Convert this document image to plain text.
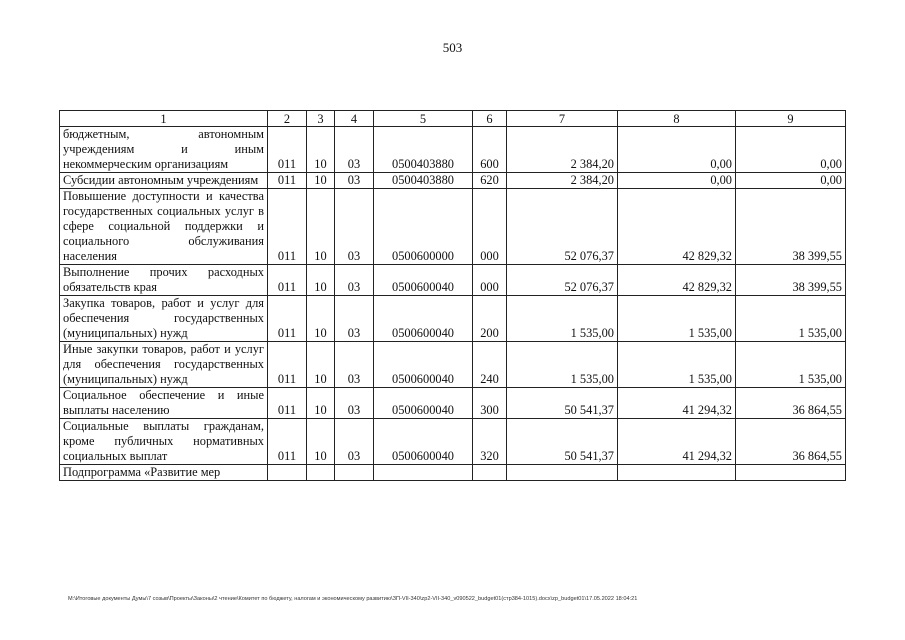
503
1	2	3	4	5	6	7	8	9
бюджетным, автономным учреждениям и иным некоммерческим организациям	011	10	03	0500403880	600	2 384,20	0,00	0,00
Субсидии автономным учреждениям	011	10	03	0500403880	620	2 384,20	0,00	0,00
Повышение доступности и качества государственных социальных услуг в сфере социальной поддержки и социального обслуживания населения	011	10	03	0500600000	000	52 076,37	42 829,32	38 399,55
Выполнение прочих расходных обязательств края	011	10	03	0500600040	000	52 076,37	42 829,32	38 399,55
Закупка товаров, работ и услуг для обеспечения государственных (муниципальных) нужд	011	10	03	0500600040	200	1 535,00	1 535,00	1 535,00
Иные закупки товаров, работ и услуг для обеспечения государственных (муниципальных) нужд	011	10	03	0500600040	240	1 535,00	1 535,00	1 535,00
Социальное обеспечение и иные выплаты населению	011	10	03	0500600040	300	50 541,37	41 294,32	36 864,55
Социальные выплаты гражданам, кроме публичных нормативных социальных выплат	011	10	03	0500600040	320	50 541,37	41 294,32	36 864,55
Подпрограмма «Развитие мер								
M:\Итоговые документы Думы\7 созыв\Проекты\Законы\2 чтение\Комитет по бюджету, налогам и экономическому развитию\ЗП-VII-340\zp2-VII-340_v090522_budget01(стр384-1015).docx\zp_budget01\17.05.2022 18:04:21
